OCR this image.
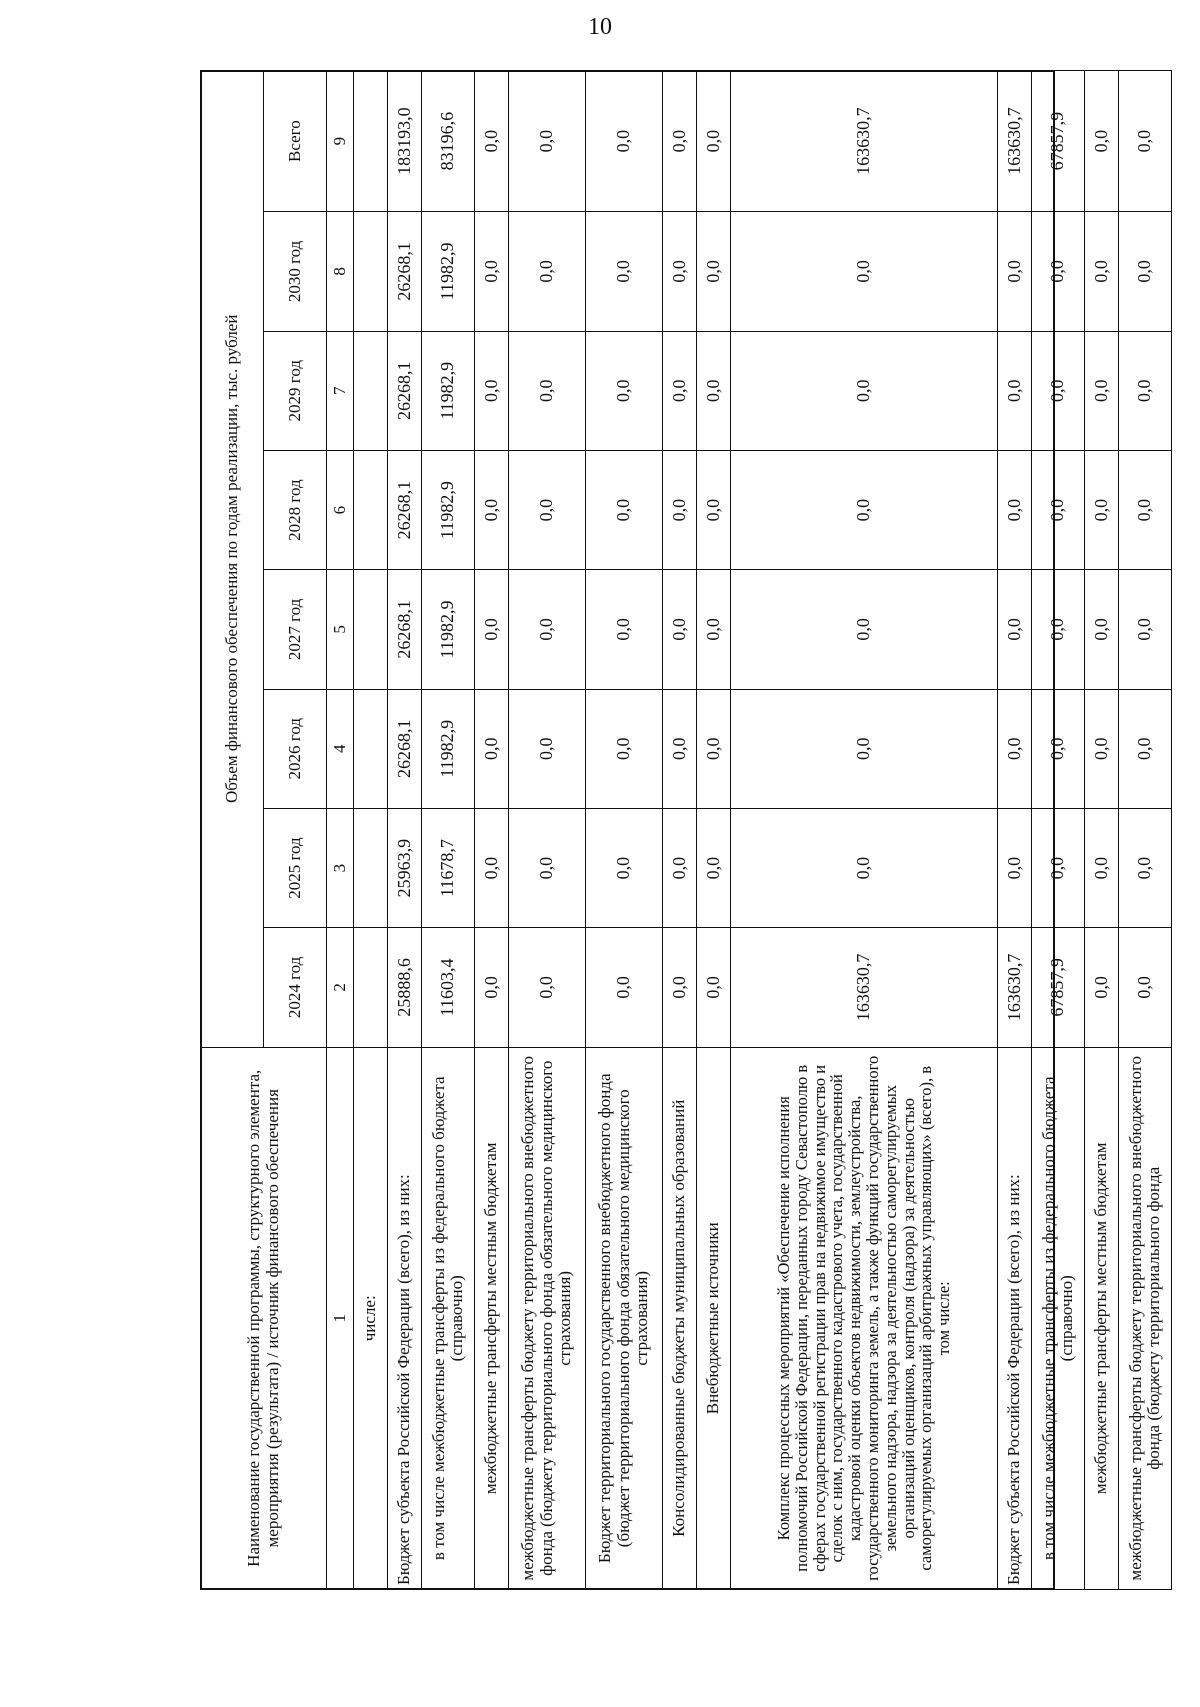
10
Наименование государственной программы, структурного элемента, мероприятия (результата) / источник финансового обеспечения	Объем финансового обеспечения по годам реализации, тыс. рублей							
	2024 год	2025 год	2026 год	2027 год	2028 год	2029 год	2030 год	Всего
1	2	3	4	5	6	7	8	9
числе:								
Бюджет субъекта Российской Федерации (всего), из них:	25888,6	25963,9	26268,1	26268,1	26268,1	26268,1	26268,1	183193,0
в том числе межбюджетные трансферты из федерального бюджета (справочно)	11603,4	11678,7	11982,9	11982,9	11982,9	11982,9	11982,9	83196,6
межбюджетные трансферты местным бюджетам	0,0	0,0	0,0	0,0	0,0	0,0	0,0	0,0
межбюджетные трансферты бюджету территориального внебюджетного фонда (бюджету территориального фонда обязательного медицинского страхования)	0,0	0,0	0,0	0,0	0,0	0,0	0,0	0,0
Бюджет территориального государственного внебюджетного фонда (бюджет территориального фонда обязательного медицинского страхования)	0,0	0,0	0,0	0,0	0,0	0,0	0,0	0,0
Консолидированные бюджеты муниципальных образований	0,0	0,0	0,0	0,0	0,0	0,0	0,0	0,0
Внебюджетные источники	0,0	0,0	0,0	0,0	0,0	0,0	0,0	0,0
Комплекс процессных мероприятий «Обеспечение исполнения полномочий Российской Федерации, переданных городу Севастополю в сферах государственной регистрации прав на недвижимое имущество и сделок с ним, государственного кадастрового учета, государственной кадастровой оценки объектов недвижимости, землеустройства, государственного мониторинга земель, а также функций государственного земельного надзора, надзора за деятельностью саморегулируемых организаций оценщиков, контроля (надзора) за деятельностью саморегулируемых организаций арбитражных управляющих» (всего), в том числе:	163630,7	0,0	0,0	0,0	0,0	0,0	0,0	163630,7
Бюджет субъекта Российской Федерации (всего), из них:	163630,7	0,0	0,0	0,0	0,0	0,0	0,0	163630,7
в том числе межбюджетные трансферты из федерального бюджета (справочно)	67857,9	0,0	0,0	0,0	0,0	0,0	0,0	67857,9
межбюджетные трансферты местным бюджетам	0,0	0,0	0,0	0,0	0,0	0,0	0,0	0,0
межбюджетные трансферты бюджету территориального внебюджетного фонда (бюджету территориального фонда	0,0	0,0	0,0	0,0	0,0	0,0	0,0	0,0
